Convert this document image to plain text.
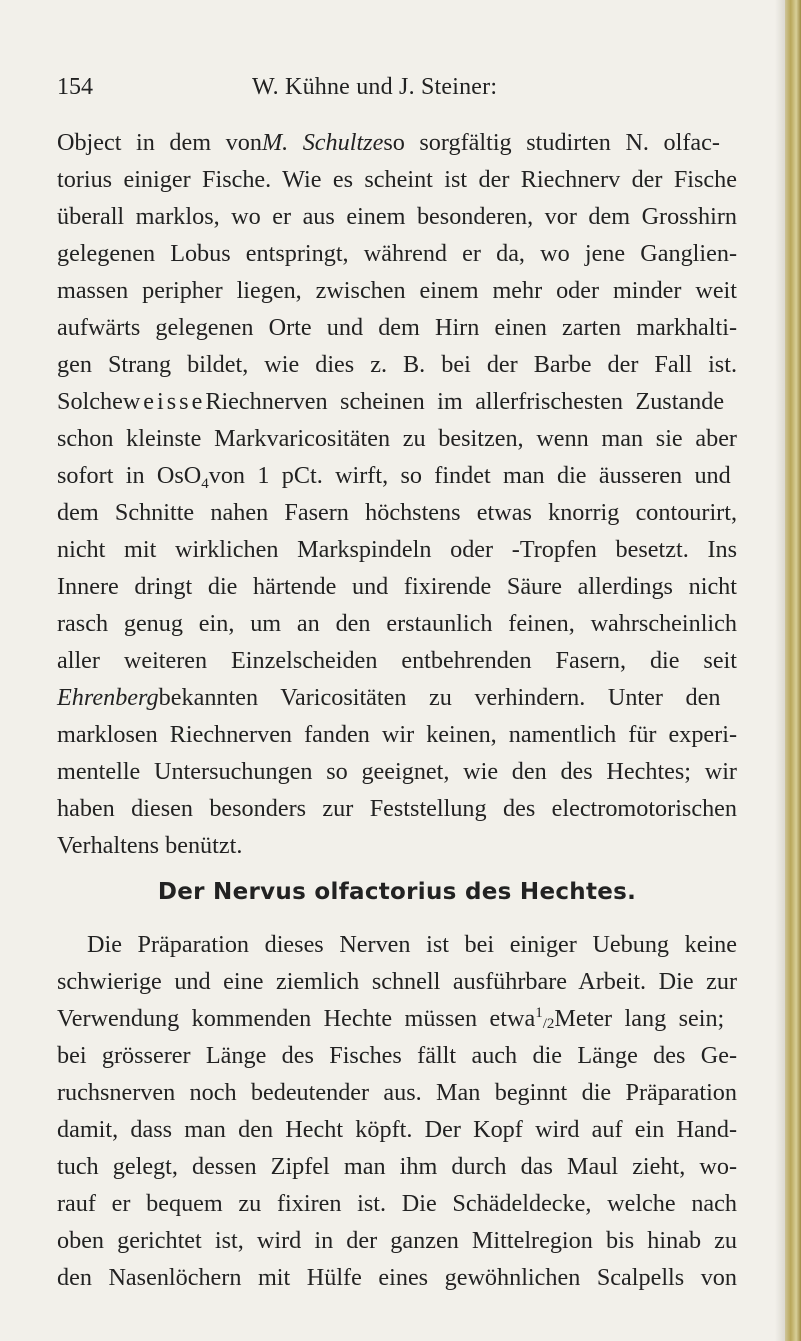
154	W. Kühne und J. Steiner:
Object in dem vonM. Schultzeso sorgfältig studirten N. olfac-
torius einiger Fische. Wie es scheint ist der Riechnerv der Fische
überall marklos, wo er aus einem besonderen, vor dem Grosshirn
gelegenen Lobus entspringt, während er da, wo jene Ganglien-
massen peripher liegen, zwischen einem mehr oder minder weit
aufwärts gelegenen Orte und dem Hirn einen zarten markhalti-
gen Strang bildet, wie dies z. B. bei der Barbe der Fall ist.
SolcheweisseRiechnerven scheinen im allerfrischesten Zustande
schon kleinste Markvaricositäten zu besitzen, wenn man sie aber
sofort in OsO4von 1 pCt. wirft, so findet man die äusseren und
dem Schnitte nahen Fasern höchstens etwas knorrig contourirt,
nicht mit wirklichen Markspindeln oder -Tropfen besetzt. Ins
Innere dringt die härtende und fixirende Säure allerdings nicht
rasch genug ein, um an den erstaunlich feinen, wahrscheinlich
aller weiteren Einzelscheiden entbehrenden Fasern, die seit
Ehrenbergbekannten Varicositäten zu verhindern. Unter den
marklosen Riechnerven fanden wir keinen, namentlich für experi-
mentelle Untersuchungen so geeignet, wie den des Hechtes; wir
haben diesen besonders zur Feststellung des electromotorischen
Verhaltens benützt.
Der Nervus olfactorius des Hechtes.
Die Präparation dieses Nerven ist bei einiger Uebung keine
schwierige und eine ziemlich schnell ausführbare Arbeit. Die zur
Verwendung kommenden Hechte müssen etwa1/2Meter lang sein;
bei grösserer Länge des Fisches fällt auch die Länge des Ge-
ruchsnerven noch bedeutender aus. Man beginnt die Präparation
damit, dass man den Hecht köpft. Der Kopf wird auf ein Hand-
tuch gelegt, dessen Zipfel man ihm durch das Maul zieht, wo-
rauf er bequem zu fixiren ist. Die Schädeldecke, welche nach
oben gerichtet ist, wird in der ganzen Mittelregion bis hinab zu
den Nasenlöchern mit Hülfe eines gewöhnlichen Scalpells von
